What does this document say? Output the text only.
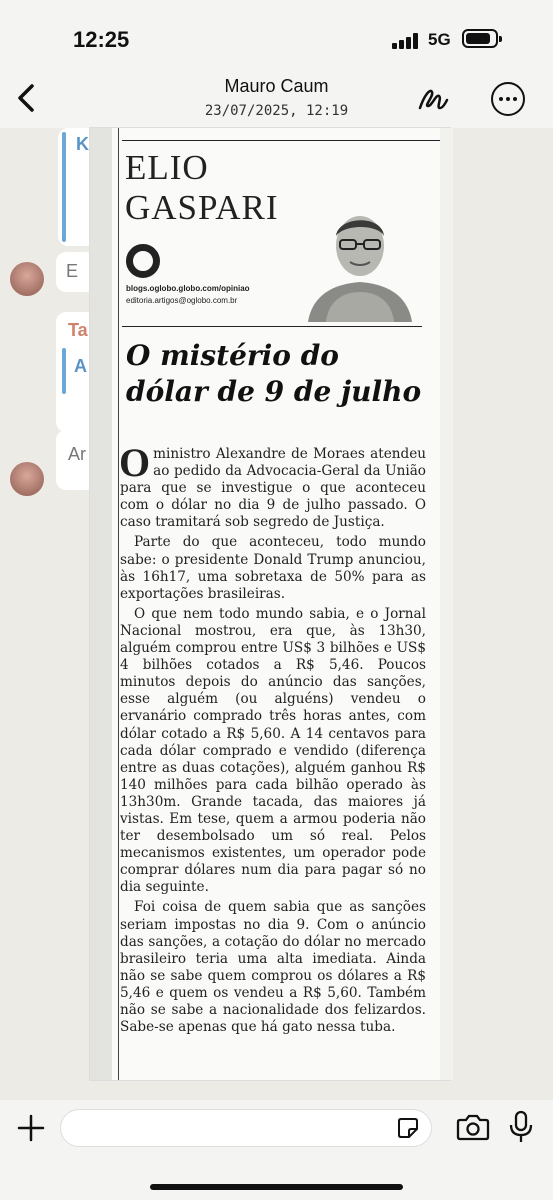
12:25	5G
Mauro Caum
23/07/2025, 12:19
K
E
Ta
A
Ar
ELIO
GASPARI
blogs.oglobo.globo.com/opiniao
editoria.artigos@oglobo.com.br
O mistério do
dólar de 9 de julho

O ministro Alexandre de Moraes atendeu ao pedido da Advocacia-Geral da União para que se investigue o que aconteceu com o dólar no dia 9 de julho passado. O caso tramitará sob segredo de Justiça.

Parte do que aconteceu, todo mundo sabe: o presidente Donald Trump anunciou, às 16h17, uma sobretaxa de 50% para as exportações brasileiras.

O que nem todo mundo sabia, e o Jornal Nacional mostrou, era que, às 13h30, alguém comprou entre US$ 3 bilhões e US$ 4 bilhões cotados a R$ 5,46. Poucos minutos depois do anúncio das sanções, esse alguém (ou alguéns) vendeu o ervanário comprado três horas antes, com dólar cotado a R$ 5,60. A 14 centavos para cada dólar comprado e vendido (diferença entre as duas cotações), alguém ganhou R$ 140 milhões para cada bilhão operado às 13h30m. Grande tacada, das maiores já vistas. Em tese, quem a armou poderia não ter desembolsado um só real. Pelos mecanismos existentes, um operador pode comprar dólares num dia para pagar só no dia seguinte.

Foi coisa de quem sabia que as sanções seriam impostas no dia 9. Com o anúncio das sanções, a cotação do dólar no mercado brasileiro teria uma alta imediata. Ainda não se sabe quem comprou os dólares a R$ 5,46 e quem os vendeu a R$ 5,60. Também não se sabe a nacionalidade dos felizardos. Sabe-se apenas que há gato nessa tuba.
